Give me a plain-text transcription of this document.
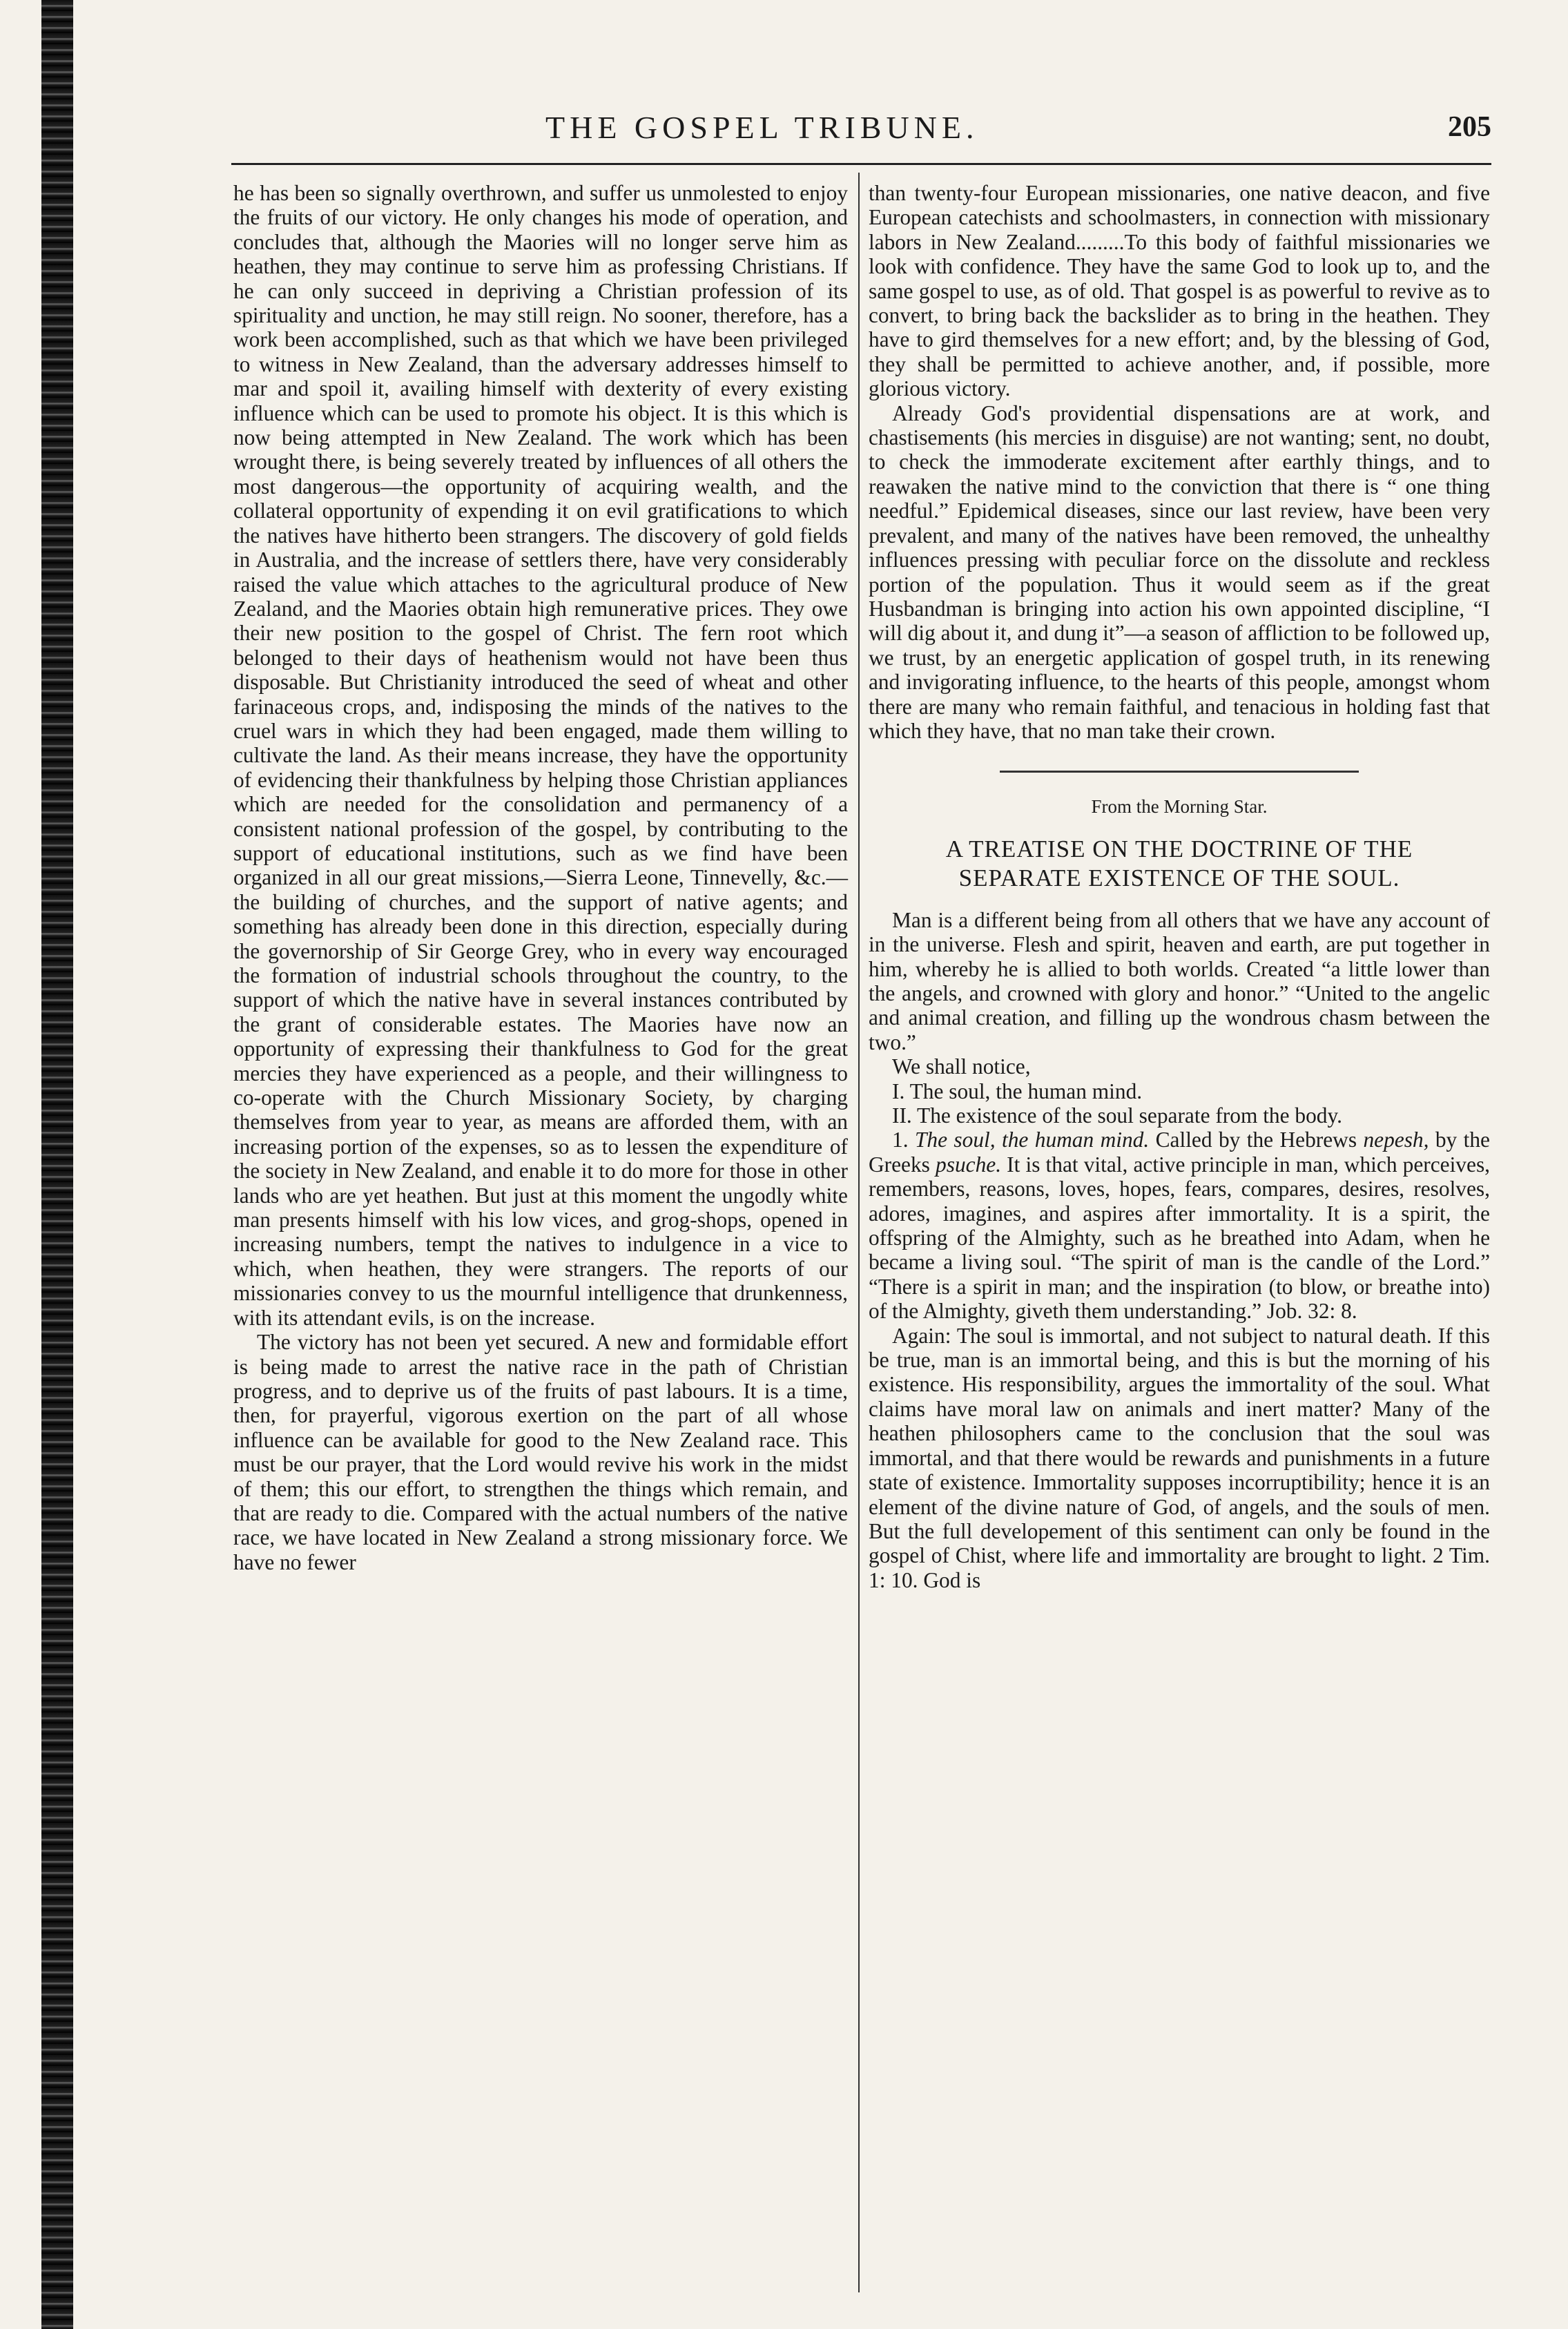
THE GOSPEL TRIBUNE.	205

he has been so signally overthrown, and suffer us unmolested to enjoy the fruits of our victory. He only changes his mode of operation, and concludes that, although the Maories will no longer serve him as heathen, they may continue to serve him as professing Christians. If he can only succeed in depriving a Christian profession of its spirituality and unction, he may still reign. No sooner, therefore, has a work been accomplished, such as that which we have been privileged to witness in New Zealand, than the adversary addresses himself to mar and spoil it, availing himself with dexterity of every existing influence which can be used to promote his object. It is this which is now being attempted in New Zealand. The work which has been wrought there, is being severely treated by influences of all others the most dangerous—the opportunity of acquiring wealth, and the collateral opportunity of expending it on evil gratifications to which the natives have hitherto been strangers. The discovery of gold fields in Australia, and the increase of settlers there, have very considerably raised the value which attaches to the agricultural produce of New Zealand, and the Maories obtain high remunerative prices. They owe their new position to the gospel of Christ. The fern root which belonged to their days of heathenism would not have been thus disposable. But Christianity introduced the seed of wheat and other farinaceous crops, and, indisposing the minds of the natives to the cruel wars in which they had been engaged, made them willing to cultivate the land. As their means increase, they have the opportunity of evidencing their thankfulness by helping those Christian appliances which are needed for the consolidation and permanency of a consistent national profession of the gospel, by contributing to the support of educational institutions, such as we find have been organized in all our great missions,—Sierra Leone, Tinnevelly, &c.—the building of churches, and the support of native agents; and something has already been done in this direction, especially during the governorship of Sir George Grey, who in every way encouraged the formation of industrial schools throughout the country, to the support of which the native have in several instances contributed by the grant of considerable estates. The Maories have now an opportunity of expressing their thankfulness to God for the great mercies they have experienced as a people, and their willingness to co-operate with the Church Missionary Society, by charging themselves from year to year, as means are afforded them, with an increasing portion of the expenses, so as to lessen the expenditure of the society in New Zealand, and enable it to do more for those in other lands who are yet heathen. But just at this moment the ungodly white man presents himself with his low vices, and grog-shops, opened in increasing numbers, tempt the natives to indulgence in a vice to which, when heathen, they were strangers. The reports of our missionaries convey to us the mournful intelligence that drunkenness, with its attendant evils, is on the increase.

The victory has not been yet secured. A new and formidable effort is being made to arrest the native race in the path of Christian progress, and to deprive us of the fruits of past labours. It is a time, then, for prayerful, vigorous exertion on the part of all whose influence can be available for good to the New Zealand race. This must be our prayer, that the Lord would revive his work in the midst of them; this our effort, to strengthen the things which remain, and that are ready to die. Compared with the actual numbers of the native race, we have located in New Zealand a strong missionary force. We have no fewer

than twenty-four European missionaries, one native deacon, and five European catechists and schoolmasters, in connection with missionary labors in New Zealand.........To this body of faithful missionaries we look with confidence. They have the same God to look up to, and the same gospel to use, as of old. That gospel is as powerful to revive as to convert, to bring back the backslider as to bring in the heathen. They have to gird themselves for a new effort; and, by the blessing of God, they shall be permitted to achieve another, and, if possible, more glorious victory.

Already God's providential dispensations are at work, and chastisements (his mercies in disguise) are not wanting; sent, no doubt, to check the immoderate excitement after earthly things, and to reawaken the native mind to the conviction that there is “ one thing needful.” Epidemical diseases, since our last review, have been very prevalent, and many of the natives have been removed, the unhealthy influences pressing with peculiar force on the dissolute and reckless portion of the population. Thus it would seem as if the great Husbandman is bringing into action his own appointed discipline, “I will dig about it, and dung it”—a season of affliction to be followed up, we trust, by an energetic application of gospel truth, in its renewing and invigorating influence, to the hearts of this people, amongst whom there are many who remain faithful, and tenacious in holding fast that which they have, that no man take their crown.

From the Morning Star.
A TREATISE ON THE DOCTRINE OF THE
SEPARATE EXISTENCE OF THE SOUL.

Man is a different being from all others that we have any account of in the universe. Flesh and spirit, heaven and earth, are put together in him, whereby he is allied to both worlds. Created “a little lower than the angels, and crowned with glory and honor.” “United to the angelic and animal creation, and filling up the wondrous chasm between the two.”

We shall notice,

I. The soul, the human mind.

II. The existence of the soul separate from the body.

1. The soul, the human mind. Called by the Hebrews nepesh, by the Greeks psuche. It is that vital, active principle in man, which perceives, remembers, reasons, loves, hopes, fears, compares, desires, resolves, adores, imagines, and aspires after immortality. It is a spirit, the offspring of the Almighty, such as he breathed into Adam, when he became a living soul. “The spirit of man is the candle of the Lord.” “There is a spirit in man; and the inspiration (to blow, or breathe into) of the Almighty, giveth them understanding.” Job. 32: 8.

Again: The soul is immortal, and not subject to natural death. If this be true, man is an immortal being, and this is but the morning of his existence. His responsibility, argues the immortality of the soul. What claims have moral law on animals and inert matter? Many of the heathen philosophers came to the conclusion that the soul was immortal, and that there would be rewards and punishments in a future state of existence. Immortality supposes incorruptibility; hence it is an element of the divine nature of God, of angels, and the souls of men. But the full developement of this sentiment can only be found in the gospel of Chist, where life and immortality are brought to light. 2 Tim. 1: 10. God is
